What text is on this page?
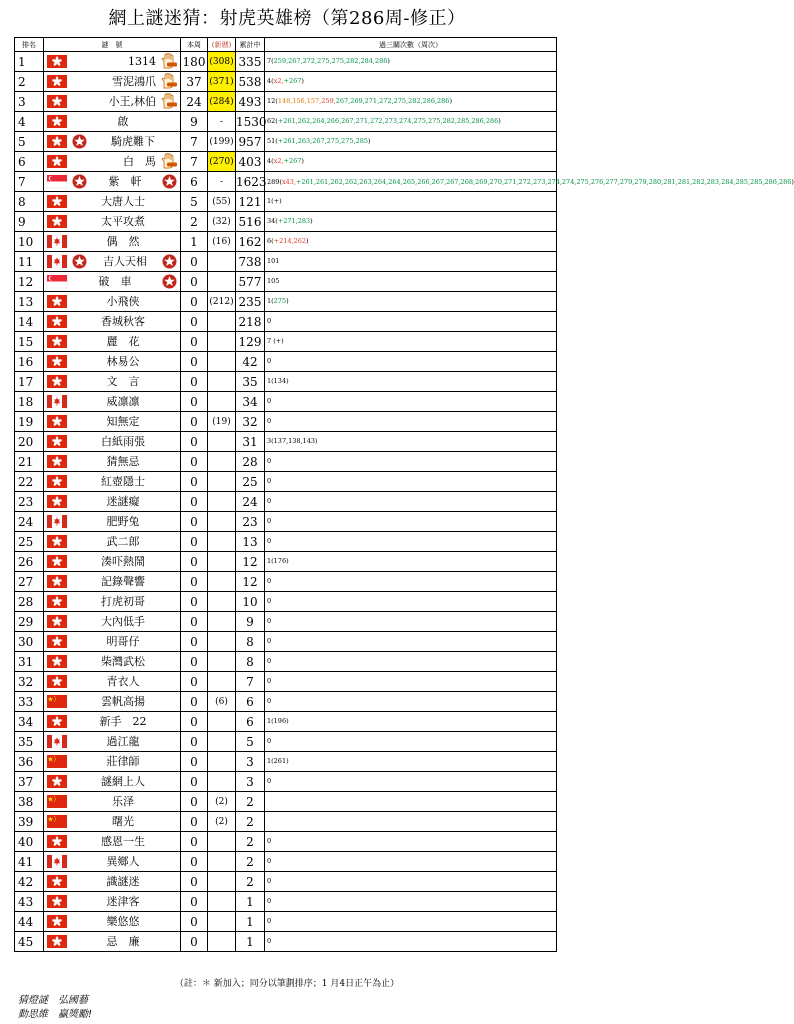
網上謎迷猜：射虎英雄榜（第286周-修正）
排名	謎　號	本周	(新曆)	累計中	過三關次數（周次）
1	1314	180	(308)	335	7(259,267,272,275,275,282,284,286)
2	雪泥鴻爪	37	(371)	538	4(x2,+267)
3	小王,林伯	24	(284)	493	12(148,156,157,259,267,269,271,272,275,282,286,286)
4	啟	9	-	1530	62(+261,262,264,266,267,271,272,273,274,275,275,282,285,286,286)
5	騎虎難下	7	(199)	957	51(+261,263,267,275,275,285)
6	白　馬	7	(270)	403	4(x2,+267)
7	紫　軒	6	-	1623	289(x43,+261,261,262,262,263,264,264,265,266,267,267,268,269,270,271,272,273,274,274,275,276,277,279,279,280,281,281,282,283,284,285,285,286,286)
8	大唐人士	5	(55)	121	1(+)
9	太平攻煮	2	(32)	516	34(+271,283)
10	偶　然	1	(16)	162	6(+214,262)
11	吉人天相	0		738	101
12	破　車	0		577	105
13	小飛俠	0	(212)	235	1(275)
14	香城秋客	0		218	0
15	麗　花	0		129	7 (+)
16	林易公	0		42	0
17	文　言	0		35	1(134)
18	威凛凛	0		34	0
19	知無定	0	(19)	32	0
20	白紙雨張	0		31	3(137,138,143)
21	猜無忌	0		28	0
22	紅壺隱士	0		25	0
23	迷謎癡	0		24	0
24	肥野兔	0		23	0
25	武二郎	0		13	0
26	湊吓熱鬧	0		12	1(176)
27	記錄聲響	0		12	0
28	打虎初哥	0		10	0
29	大內低手	0		9	0
30	明哥仔	0		8	0
31	柴灣武松	0		8	0
32	青衣人	0		7	0
33	雲帆高揚	0	(6)	6	0
34	新手　22	0		6	1(196)
35	過江龍	0		5	0
36	莊律師	0		3	1(261)
37	謎網上人	0		3	0
38	乐泽	0	(2)	2	
39	曙光	0	(2)	2	
40	感恩一生	0		2	0
41	異鄉人	0		2	0
42	識謎迷	0		2	0
43	迷津客	0		1	0
44	樂悠悠	0		1	0
45	忌　廉	0		1	0
（註：＊ 新加入；同分以筆劃排序；1 月4日正午為止）
猜燈謎　弘國藝
動思維　贏獎勵!
